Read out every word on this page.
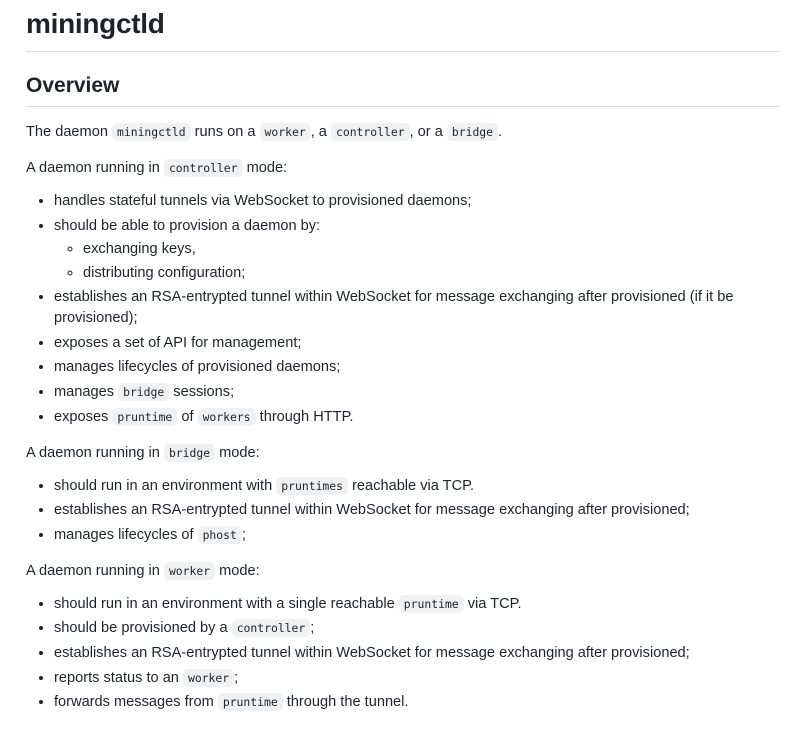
miningctld
Overview

The daemon miningctld runs on a worker , a controller , or a bridge .

A daemon running in controller mode:

• handles stateful tunnels via WebSocket to provisioned daemons;
• should be able to provision a daemon by:
◦ exchanging keys,
◦ distributing configuration;
• establishes an RSA-entrypted tunnel within WebSocket for message exchanging after provisioned (if it be provisioned);
• exposes a set of API for management;
• manages lifecycles of provisioned daemons;
• manages bridge sessions;
• exposes pruntime of workers through HTTP.

A daemon running in bridge mode:

• should run in an environment with pruntimes reachable via TCP.
• establishes an RSA-entrypted tunnel within WebSocket for message exchanging after provisioned;
• manages lifecycles of phost ;

A daemon running in worker mode:

• should run in an environment with a single reachable pruntime via TCP.
• should be provisioned by a controller ;
• establishes an RSA-entrypted tunnel within WebSocket for message exchanging after provisioned;
• reports status to an worker ;
• forwards messages from pruntime through the tunnel.
